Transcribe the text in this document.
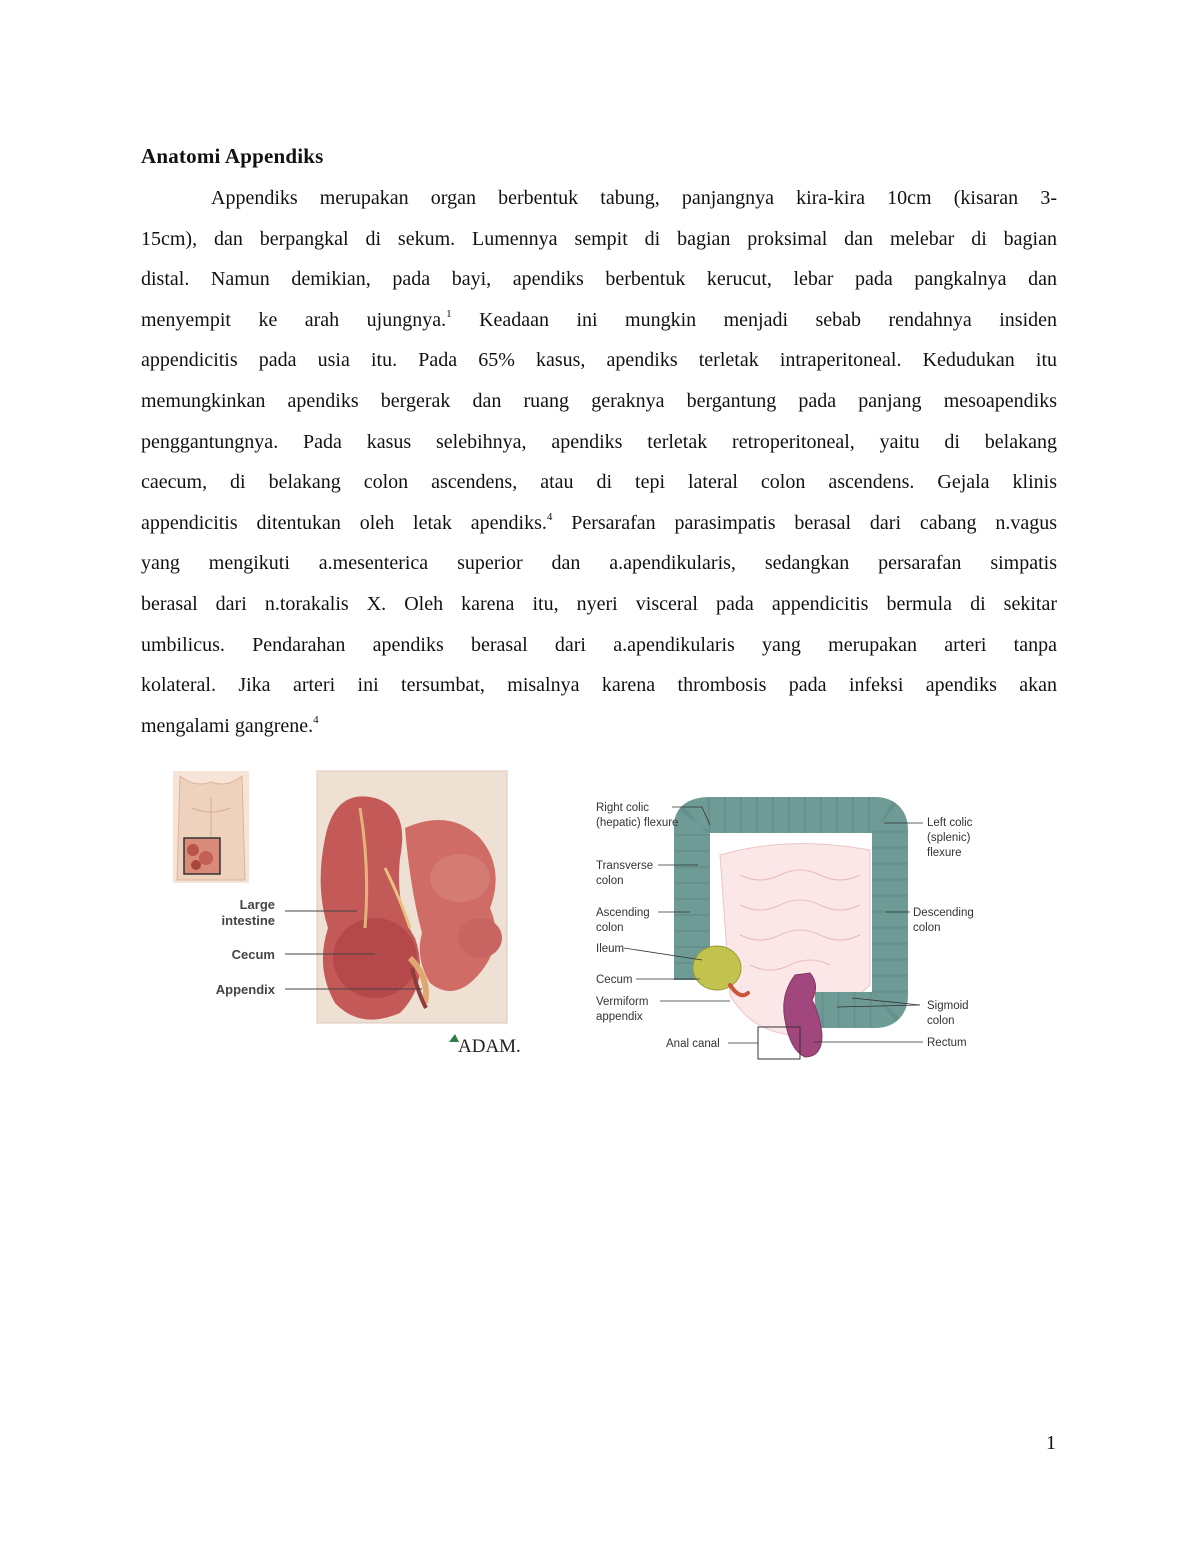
Anatomi Appendiks
Appendiks merupakan organ berbentuk tabung, panjangnya kira-kira 10cm (kisaran 3-
15cm), dan berpangkal di sekum. Lumennya sempit di bagian proksimal dan melebar di bagian
distal. Namun demikian, pada bayi, apendiks berbentuk kerucut, lebar pada pangkalnya dan
menyempit ke arah ujungnya.$^1$ Keadaan ini mungkin menjadi sebab rendahnya insiden
appendicitis pada usia itu. Pada 65% kasus, apendiks terletak intraperitoneal. Kedudukan itu
memungkinkan apendiks bergerak dan ruang geraknya bergantung pada panjang mesoapendiks
penggantungnya. Pada kasus selebihnya, apendiks terletak retroperitoneal, yaitu di belakang
caecum, di belakang colon ascendens, atau di tepi lateral colon ascendens. Gejala klinis
appendicitis ditentukan oleh letak apendiks.$^4$ Persarafan parasimpatis berasal dari cabang n.vagus
yang mengikuti a.mesenterica superior dan a.apendikularis, sedangkan persarafan simpatis
berasal dari n.torakalis X. Oleh karena itu, nyeri visceral pada appendicitis bermula di sekitar
umbilicus. Pendarahan apendiks berasal dari a.apendikularis yang merupakan arteri tanpa
kolateral. Jika arteri ini tersumbat, misalnya karena thrombosis pada infeksi apendiks akan
mengalami gangrene.$^4$
Large
intestine
Cecum
Appendix
ADAM.
Right colic
(hepatic) flexure
Transverse
colon
Ascending
colon
Ileum
Cecum
Vermiform
appendix
Anal canal
Left colic
(splenic)
flexure
Descending
colon
Sigmoid
colon
Rectum
1
